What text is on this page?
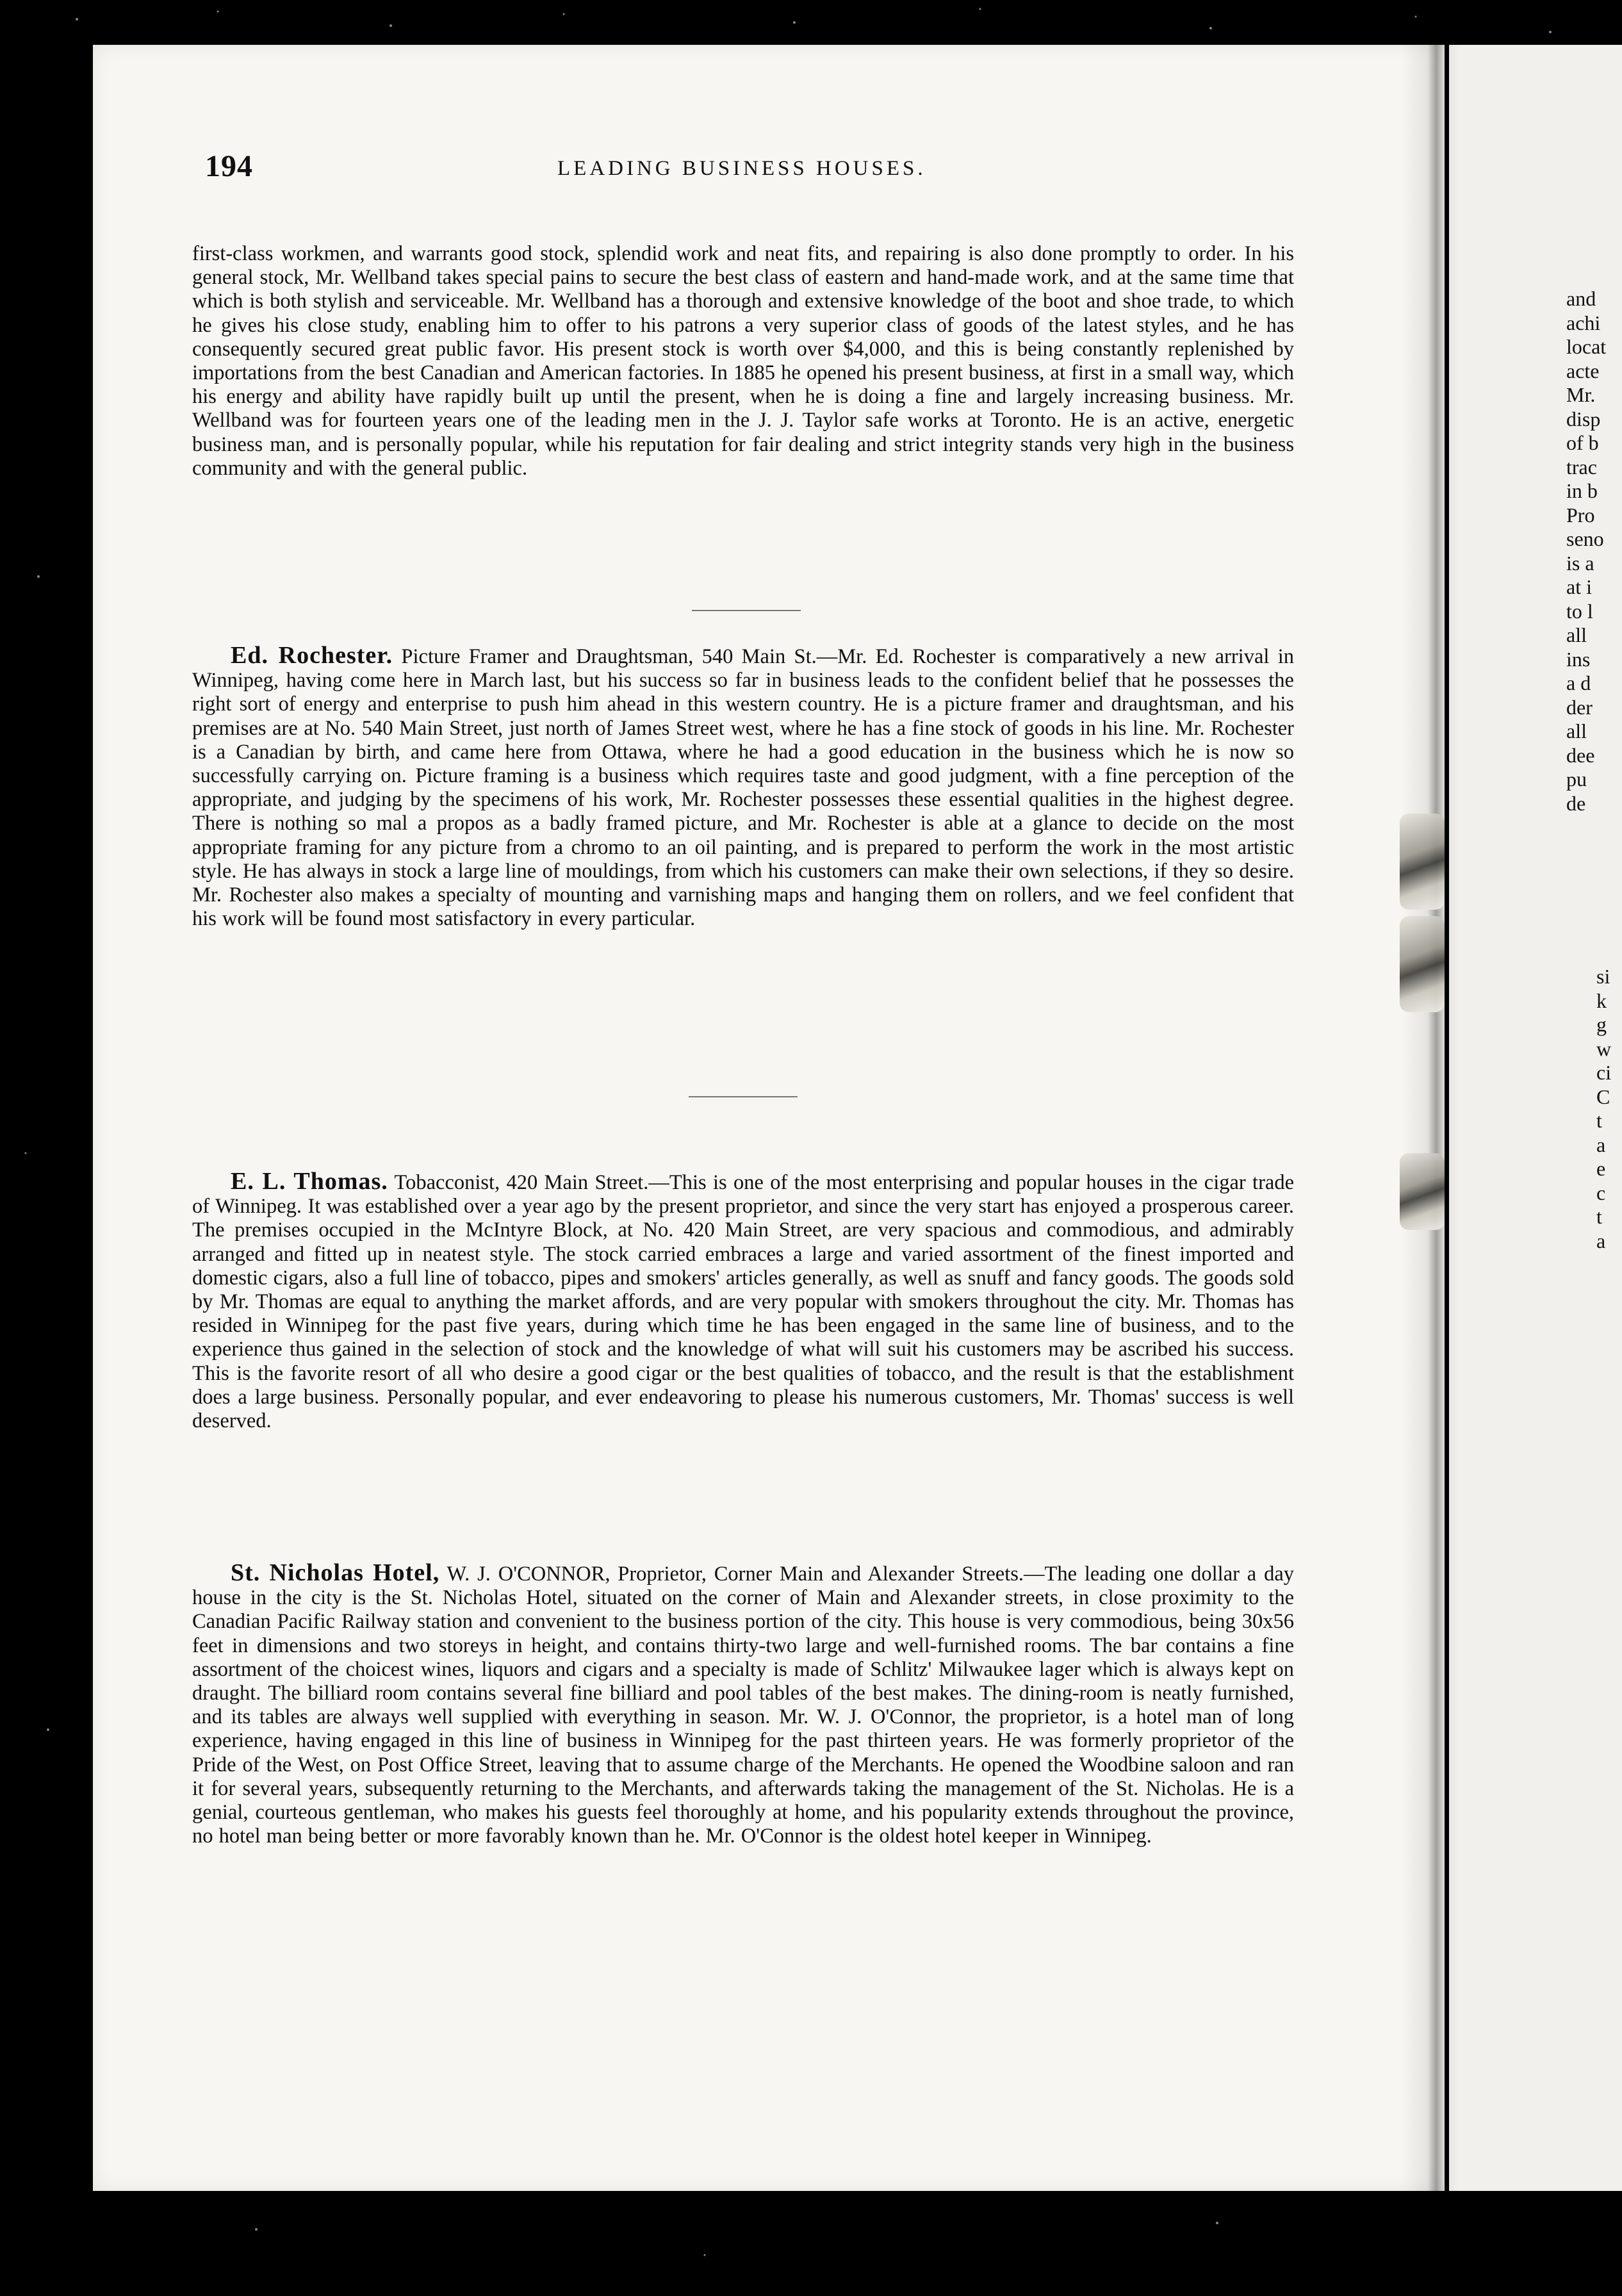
194	LEADING BUSINESS HOUSES.
first-class workmen, and warrants good stock, splendid work and neat fits, and repairing is also done promptly to order. In his general stock, Mr. Wellband takes special pains to secure the best class of eastern and hand-made work, and at the same time that which is both stylish and serviceable. Mr. Wellband has a thorough and extensive knowledge of the boot and shoe trade, to which he gives his close study, enabling him to offer to his patrons a very superior class of goods of the latest styles, and he has consequently secured great public favor. His present stock is worth over $4,000, and this is being constantly replenished by importations from the best Canadian and American factories. In 1885 he opened his present business, at first in a small way, which his energy and ability have rapidly built up until the present, when he is doing a fine and largely increasing business. Mr. Wellband was for fourteen years one of the leading men in the J. J. Taylor safe works at Toronto. He is an active, energetic business man, and is personally popular, while his reputation for fair dealing and strict integrity stands very high in the business community and with the general public.
Ed. Rochester. Picture Framer and Draughtsman, 540 Main St.—Mr. Ed. Rochester is comparatively a new arrival in Winnipeg, having come here in March last, but his success so far in business leads to the confident belief that he possesses the right sort of energy and enterprise to push him ahead in this western country. He is a picture framer and draughtsman, and his premises are at No. 540 Main Street, just north of James Street west, where he has a fine stock of goods in his line. Mr. Rochester is a Canadian by birth, and came here from Ottawa, where he had a good education in the business which he is now so successfully carrying on. Picture framing is a business which requires taste and good judgment, with a fine perception of the appropriate, and judging by the specimens of his work, Mr. Rochester possesses these essential qualities in the highest degree. There is nothing so mal a propos as a badly framed picture, and Mr. Rochester is able at a glance to decide on the most appropriate framing for any picture from a chromo to an oil painting, and is prepared to perform the work in the most artistic style. He has always in stock a large line of mouldings, from which his customers can make their own selections, if they so desire. Mr. Rochester also makes a specialty of mounting and varnishing maps and hanging them on rollers, and we feel confident that his work will be found most satisfactory in every particular.
E. L. Thomas. Tobacconist, 420 Main Street.—This is one of the most enterprising and popular houses in the cigar trade of Winnipeg. It was established over a year ago by the present proprietor, and since the very start has enjoyed a prosperous career. The premises occupied in the McIntyre Block, at No. 420 Main Street, are very spacious and commodious, and admirably arranged and fitted up in neatest style. The stock carried embraces a large and varied assortment of the finest imported and domestic cigars, also a full line of tobacco, pipes and smokers' articles generally, as well as snuff and fancy goods. The goods sold by Mr. Thomas are equal to anything the market affords, and are very popular with smokers throughout the city. Mr. Thomas has resided in Winnipeg for the past five years, during which time he has been engaged in the same line of business, and to the experience thus gained in the selection of stock and the knowledge of what will suit his customers may be ascribed his success. This is the favorite resort of all who desire a good cigar or the best qualities of tobacco, and the result is that the establishment does a large business. Personally popular, and ever endeavoring to please his numerous customers, Mr. Thomas' success is well deserved.
St. Nicholas Hotel, W. J. O'CONNOR, Proprietor, Corner Main and Alexander Streets.—The leading one dollar a day house in the city is the St. Nicholas Hotel, situated on the corner of Main and Alexander streets, in close proximity to the Canadian Pacific Railway station and convenient to the business portion of the city. This house is very commodious, being 30x56 feet in dimensions and two storeys in height, and contains thirty-two large and well-furnished rooms. The bar contains a fine assortment of the choicest wines, liquors and cigars and a specialty is made of Schlitz' Milwaukee lager which is always kept on draught. The billiard room contains several fine billiard and pool tables of the best makes. The dining-room is neatly furnished, and its tables are always well supplied with everything in season. Mr. W. J. O'Connor, the proprietor, is a hotel man of long experience, having engaged in this line of business in Winnipeg for the past thirteen years. He was formerly proprietor of the Pride of the West, on Post Office Street, leaving that to assume charge of the Merchants. He opened the Woodbine saloon and ran it for several years, subsequently returning to the Merchants, and afterwards taking the management of the St. Nicholas. He is a genial, courteous gentleman, who makes his guests feel thoroughly at home, and his popularity extends throughout the province, no hotel man being better or more favorably known than he. Mr. O'Connor is the oldest hotel keeper in Winnipeg.
and
achi
locat
acte
Mr.
disp
of b
trac
in b
Pro
seno
is a
at i
to l
all
ins
a d
der
all
dee
pu
de
si
k
g
w
ci
C
t
a
e
c
t
a
